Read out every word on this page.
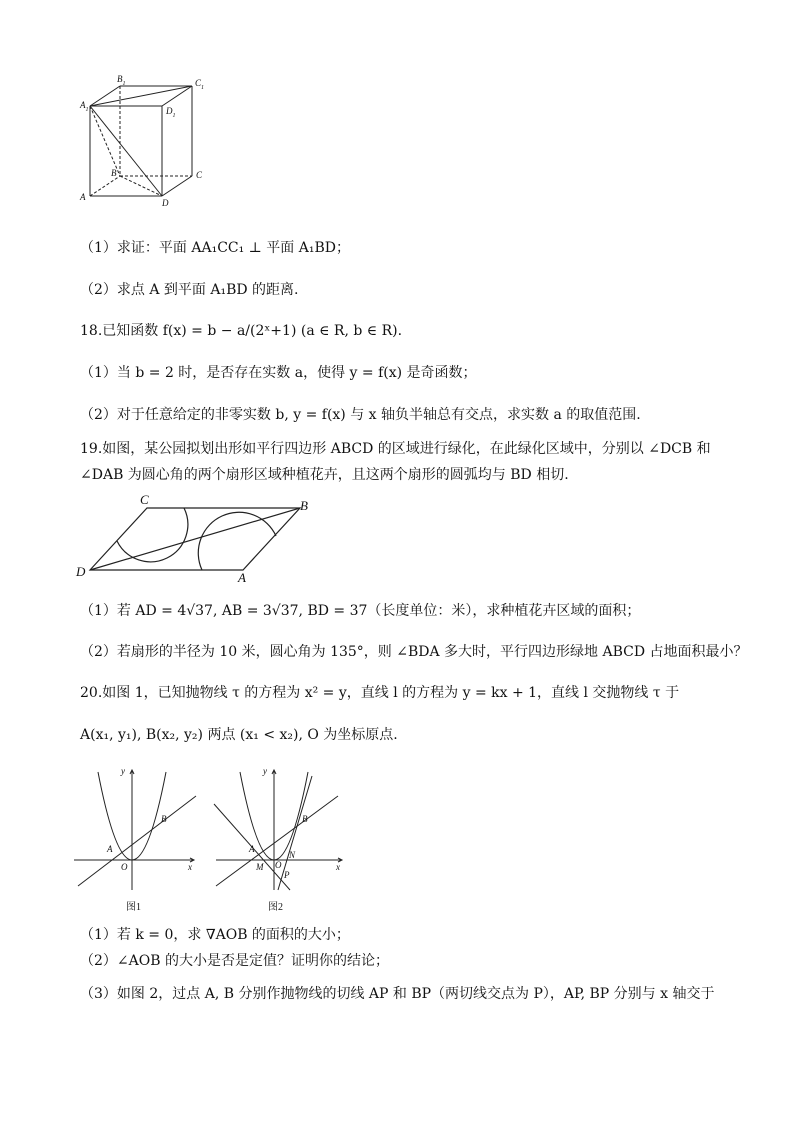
$B_1$	$C_1$
$A_1$	$D_1$
B	C
A
D
（1）求证：平面 AA₁CC₁ ⊥ 平面 A₁BD；
（2）求点 A 到平面 A₁BD 的距离.
18.已知函数 f(x) = b − a/(2ˣ+1) (a ∈ R, b ∈ R).
（1）当 b = 2 时，是否存在实数 a，使得 y = f(x) 是奇函数；
（2）对于任意给定的非零实数 b, y = f(x) 与 x 轴负半轴总有交点，求实数 a 的取值范围.
19.如图，某公园拟划出形如平行四边形 ABCD 的区域进行绿化，在此绿化区域中，分别以 ∠DCB 和
∠DAB 为圆心角的两个扇形区域种植花卉，且这两个扇形的圆弧均与 BD 相切.
C	B
D	A
（1）若 AD = 4√37, AB = 3√37, BD = 37（长度单位：米），求种植花卉区域的面积；
（2）若扇形的半径为 10 米，圆心角为 135°，则 ∠BDA 多大时，平行四边形绿地 ABCD 占地面积最小？
20.如图 1，已知抛物线 τ 的方程为 x² = y，直线 l 的方程为 y = kx + 1，直线 l 交抛物线 τ 于
A(x₁, y₁), B(x₂, y₂) 两点 (x₁ < x₂), O 为坐标原点.
y
x
A
B
O
图1
y
x
A
B
M O
N
P
图2
（1）若 k = 0，求 ∇AOB 的面积的大小；
（2）∠AOB 的大小是否是定值？证明你的结论；
（3）如图 2，过点 A, B 分别作抛物线的切线 AP 和 BP（两切线交点为 P），AP, BP 分别与 x 轴交于
